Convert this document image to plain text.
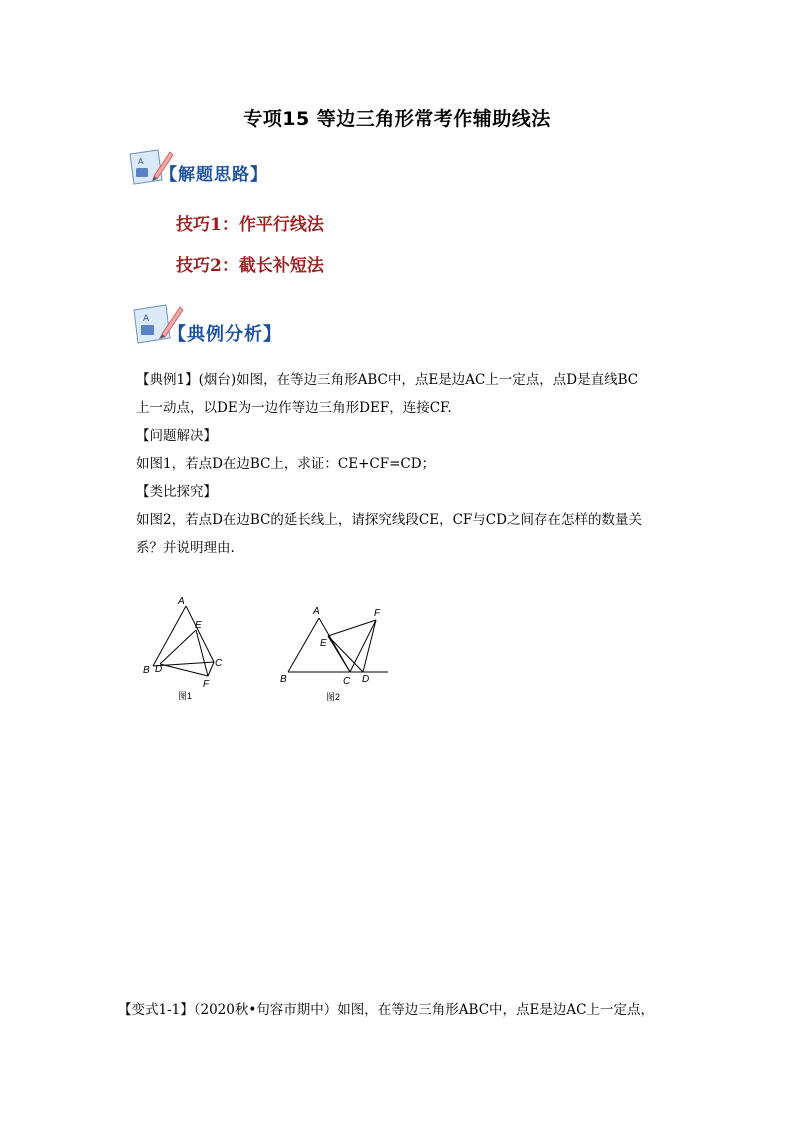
专项15 等边三角形常考作辅助线法
A
【解题思路】
技巧1：作平行线法
技巧2：截长补短法
A
【典例分析】
【典例1】(烟台)如图，在等边三角形ABC中，点E是边AC上一定点，点D是直线BC
上一动点，以DE为一边作等边三角形DEF，连接CF.
【问题解决】
如图1，若点D在边BC上，求证：CE+CF=CD；
【类比探究】
如图2，若点D在边BC的延长线上，请探究线段CE，CF与CD之间存在怎样的数量关
系？并说明理由.
A
E
B D
C
F
图1
A	F
E
B	C D
图2
【变式1-1】（2020秋•句容市期中）如图，在等边三角形ABC中，点E是边AC上一定点，
